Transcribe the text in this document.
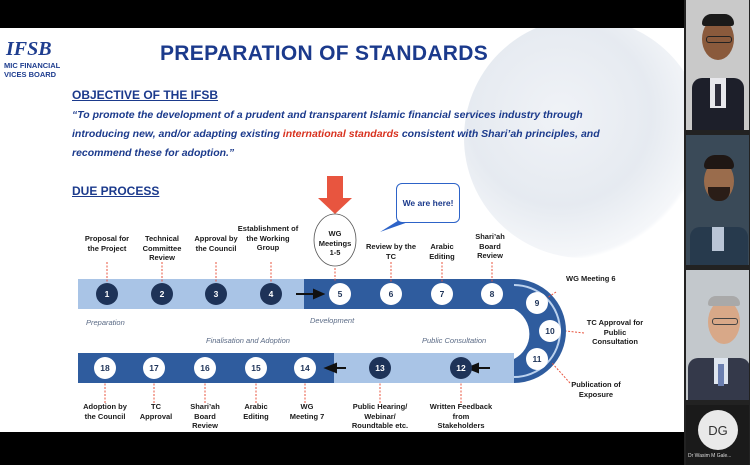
IFSB
MIC FINANCIAL
VICES BOARD
PREPARATION OF STANDARDS
OBJECTIVE OF THE IFSB
“To promote the development of a prudent and transparent Islamic financial services industry through introducing new, and/or adapting existing international standards consistent with Shari’ah principles, and recommend these for adoption.”
DUE PROCESS
1	2	3	4	5	6	7	8
9
10
11
12
13
14
15
16
17
18
We are here!
Proposal for the Project
Technical Committee Review
Approval by the Council
Establishment of the Working Group
WG Meetings 1-5
Review by the TC
Arabic Editing
Shari’ah Board Review
WG Meeting 6
TC Approval for Public Consultation
Publication of Exposure
Written Feedback from Stakeholders
Public Hearing/ Webinar/ Roundtable etc.
WG Meeting 7
Arabic Editing
Shari’ah Board Review
TC Approval
Adoption by the Council
Preparation	Development
Finalisation and Adoption	Public Consultation
DG
Dr Wasim M Gale...
